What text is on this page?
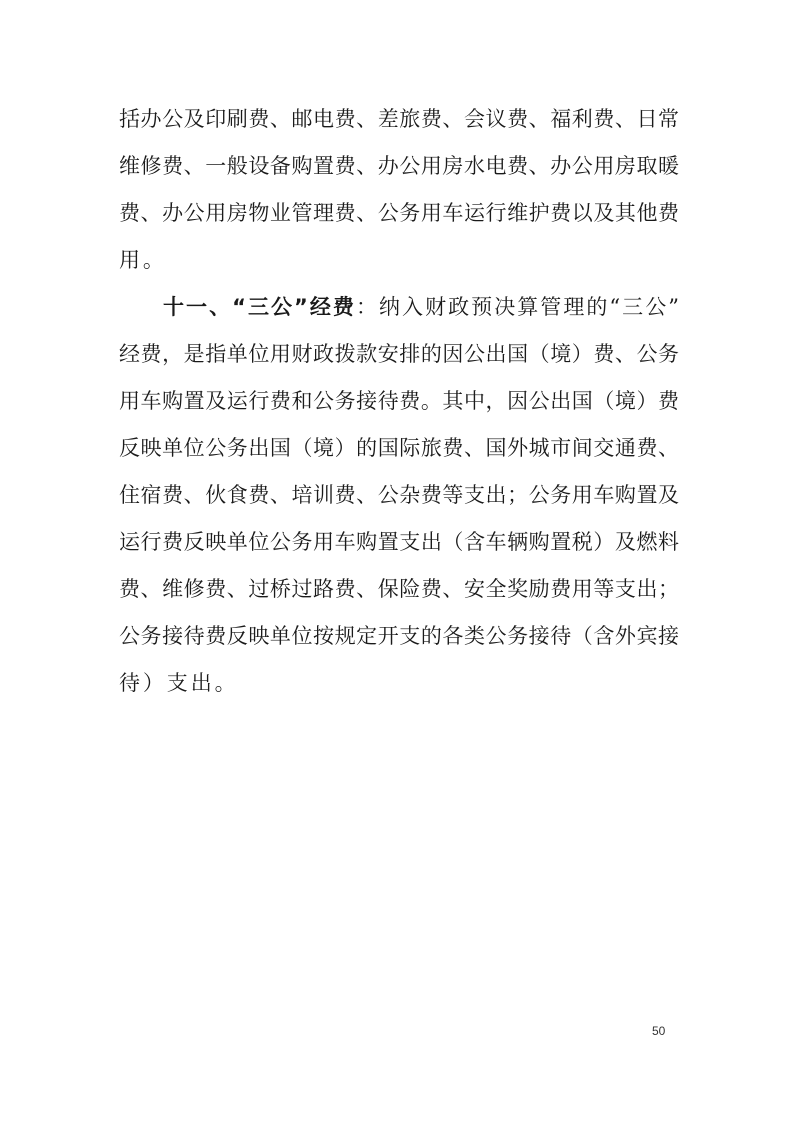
括办公及印刷费、邮电费、差旅费、会议费、福利费、日常
维修费、一般设备购置费、办公用房水电费、办公用房取暖
费、办公用房物业管理费、公务用车运行维护费以及其他费
用。
十一、“三公”经费：纳入财政预决算管理的“三公”
经费，是指单位用财政拨款安排的因公出国（境）费、公务
用车购置及运行费和公务接待费。其中，因公出国（境）费
反映单位公务出国（境）的国际旅费、国外城市间交通费、
住宿费、伙食费、培训费、公杂费等支出；公务用车购置及
运行费反映单位公务用车购置支出（含车辆购置税）及燃料
费、维修费、过桥过路费、保险费、安全奖励费用等支出；
公务接待费反映单位按规定开支的各类公务接待（含外宾接
待）支出。
50
